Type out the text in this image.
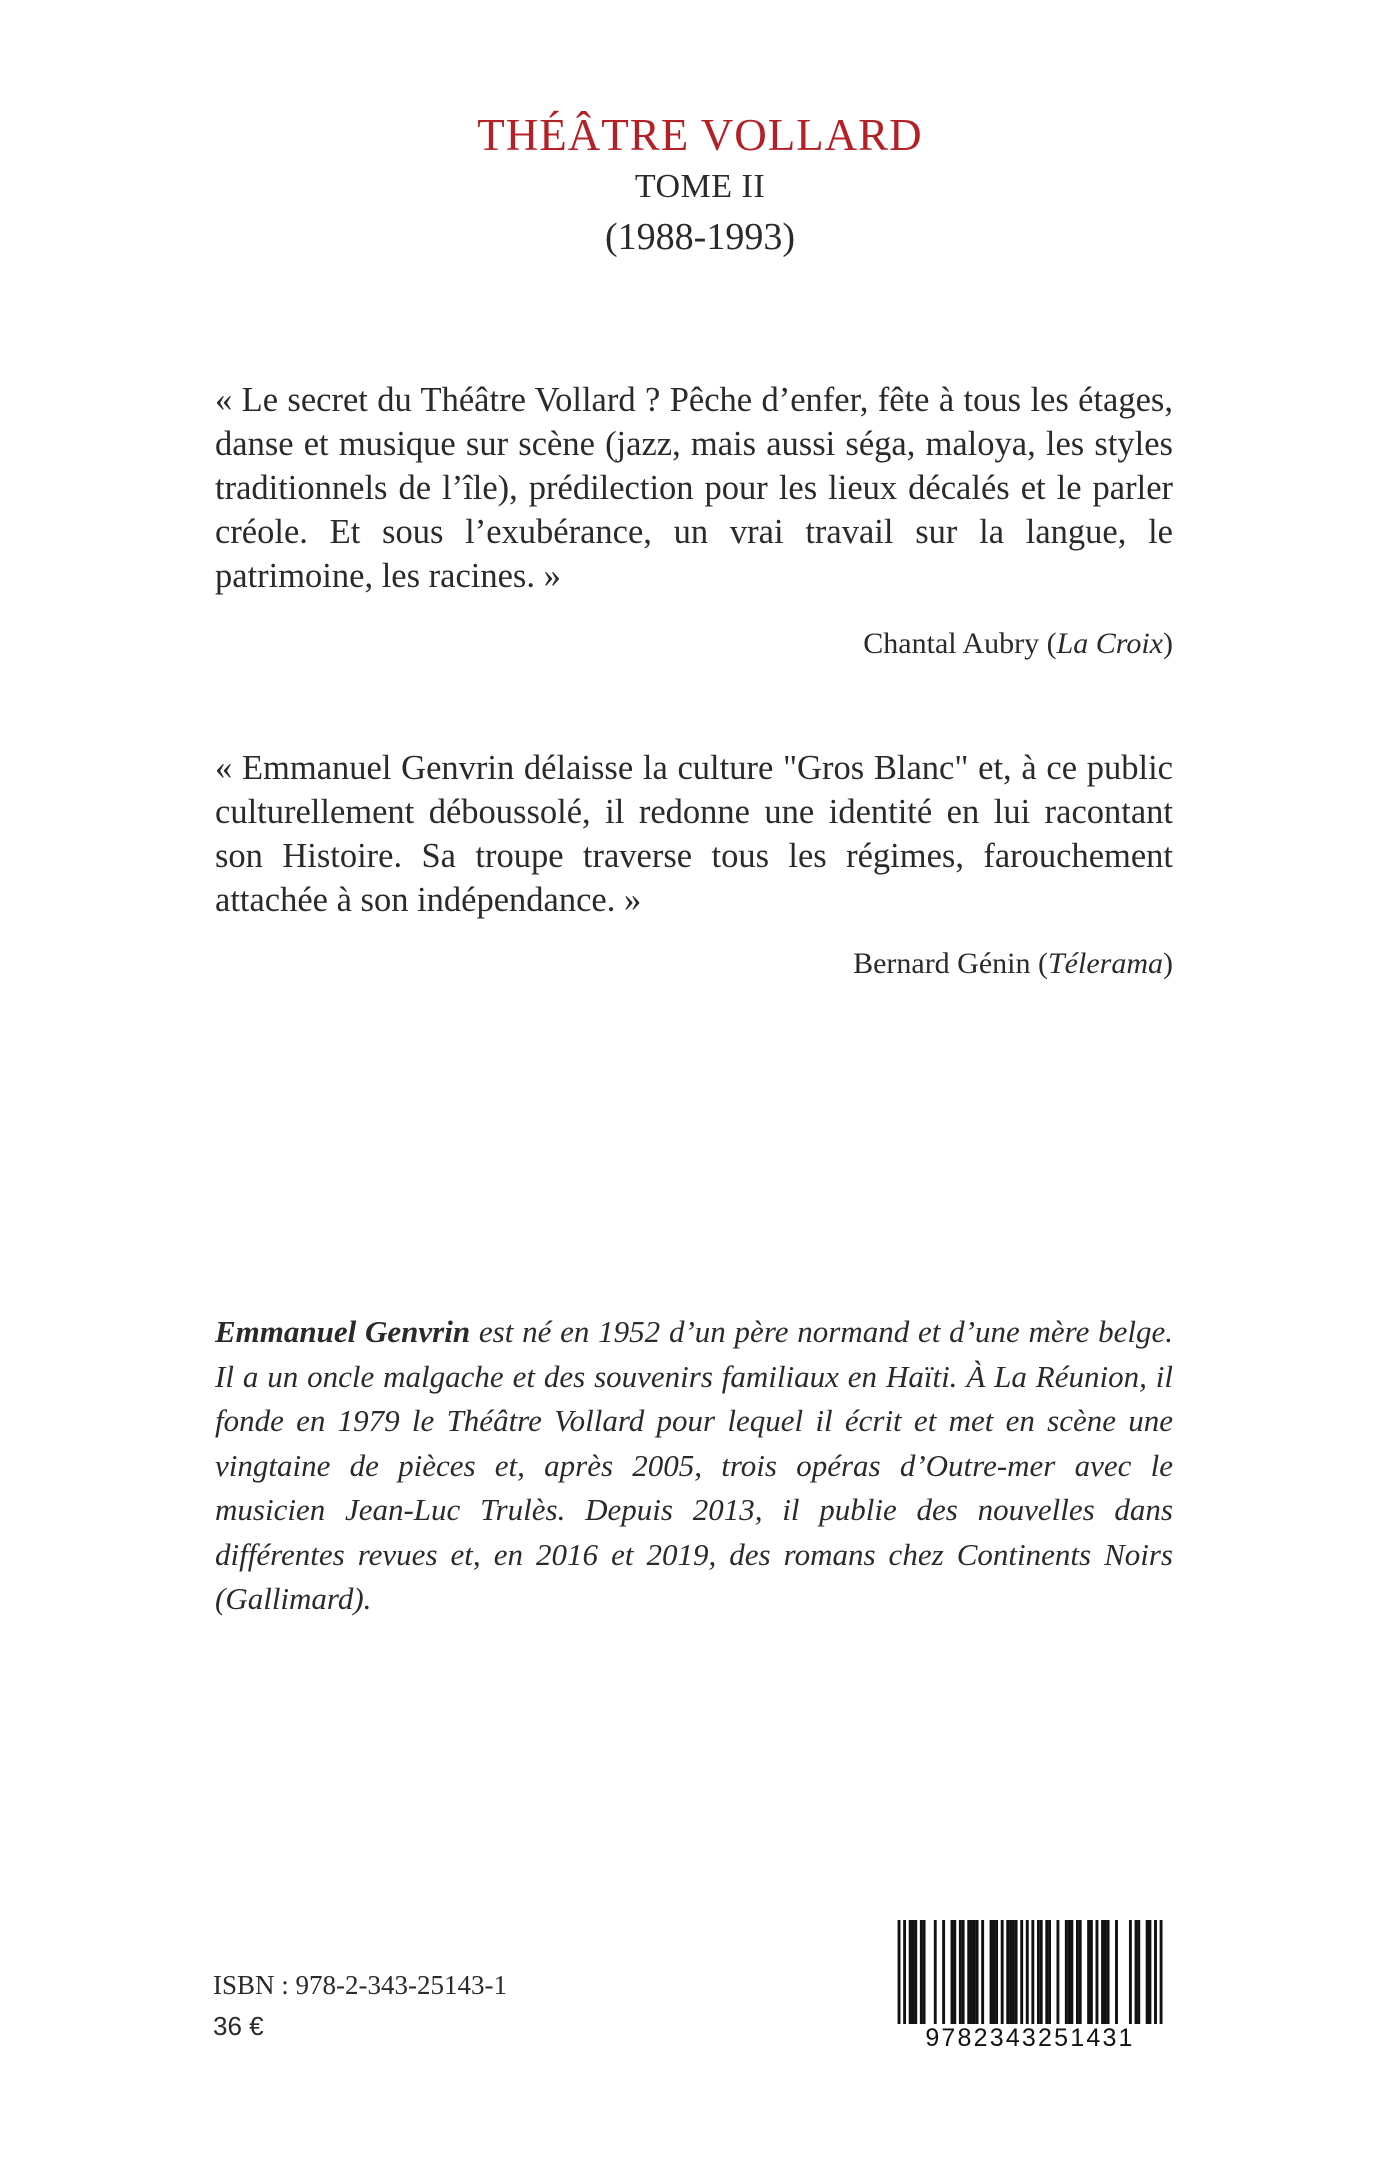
THÉÂTRE VOLLARD
TOME II
(1988-1993)

« Le secret du Théâtre Vollard ? Pêche d’enfer, fête à tous les étages, danse et musique sur scène (jazz, mais aussi séga, maloya, les styles traditionnels de l’île), prédilection pour les lieux décalés et le parler créole. Et sous l’exubérance, un vrai travail sur la langue, le patrimoine, les racines. »

Chantal Aubry (La Croix)

« Emmanuel Genvrin délaisse la culture "Gros Blanc" et, à ce public culturellement déboussolé, il redonne une identité en lui racontant son Histoire. Sa troupe traverse tous les régimes, farouchement attachée à son indépendance. »

Bernard Génin (Télerama)

Emmanuel Genvrin est né en 1952 d’un père normand et d’une mère belge. Il a un oncle malgache et des souvenirs familiaux en Haïti. À La Réunion, il fonde en 1979 le Théâtre Vollard pour lequel il écrit et met en scène une vingtaine de pièces et, après 2005, trois opéras d’Outre-mer avec le musicien Jean-Luc Trulès. Depuis 2013, il publie des nouvelles dans différentes revues et, en 2016 et 2019, des romans chez Continents Noirs (Gallimard).

ISBN : 978-2-343-25143-1
36 €	9782343251431
